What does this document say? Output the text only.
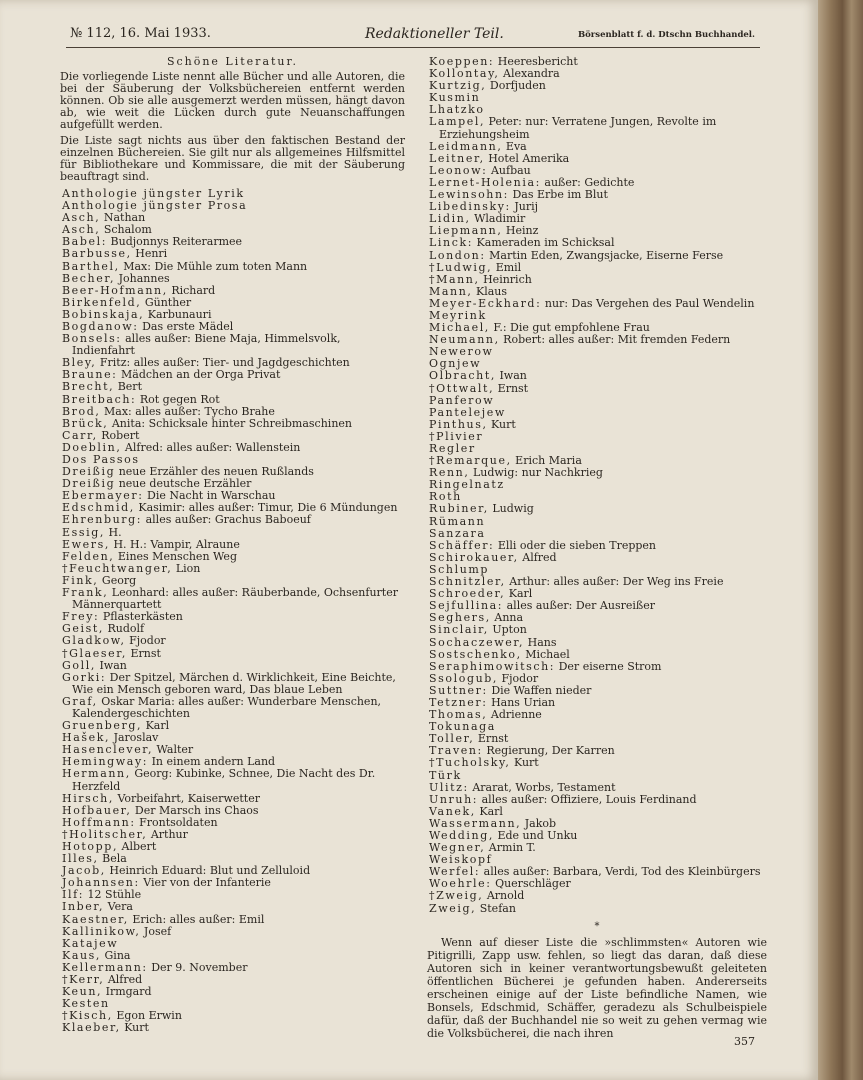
№ 112, 16. Mai 1933.	Redaktioneller Teil.	Börsenblatt f. d. Dtschn Buchhandel.
Schöne Literatur.

Die vorliegende Liste nennt alle Bücher und alle Autoren, die bei der Säuberung der Volksbüchereien entfernt werden können. Ob sie alle ausgemerzt werden müssen, hängt davon ab, wie weit die Lücken durch gute Neuanschaffungen aufgefüllt werden.

Die Liste sagt nichts aus über den faktischen Bestand der einzelnen Büchereien. Sie gilt nur als allgemeines Hilfsmittel für Bibliothekare und Kommissare, die mit der Säuberung beauftragt sind.

Anthologie jüngster Lyrik

Anthologie jüngster Prosa

Asch, Nathan

Asch, Schalom

Babel: Budjonnys Reiterarmee

Barbusse, Henri

Barthel, Max: Die Mühle zum toten Mann

Becher, Johannes

Beer-Hofmann, Richard

Birkenfeld, Günther

Bobinskaja, Karbunauri

Bogdanow: Das erste Mädel

Bonsels: alles außer: Biene Maja, Himmelsvolk, Indienfahrt

Bley, Fritz: alles außer: Tier- und Jagdgeschichten

Braune: Mädchen an der Orga Privat

Brecht, Bert

Breitbach: Rot gegen Rot

Brod, Max: alles außer: Tycho Brahe

Brück, Anita: Schicksale hinter Schreibmaschinen

Carr, Robert

Doeblin, Alfred: alles außer: Wallenstein

Dos Passos

Dreißig neue Erzähler des neuen Rußlands

Dreißig neue deutsche Erzähler

Ebermayer: Die Nacht in Warschau

Edschmid, Kasimir: alles außer: Timur, Die 6 Mündungen

Ehrenburg: alles außer: Grachus Baboeuf

Essig, H.

Ewers, H. H.: Vampir, Alraune

Felden, Eines Menschen Weg

†Feuchtwanger, Lion

Fink, Georg

Frank, Leonhard: alles außer: Räuberbande, Ochsenfurter Männerquartett

Frey: Pflasterkästen

Geist, Rudolf

Gladkow, Fjodor

†Glaeser, Ernst

Goll, Iwan

Gorki: Der Spitzel, Märchen d. Wirklichkeit, Eine Beichte, Wie ein Mensch geboren ward, Das blaue Leben

Graf, Oskar Maria: alles außer: Wunderbare Menschen, Kalendergeschichten

Gruenberg, Karl

Hašek, Jaroslav

Hasenclever, Walter

Hemingway: In einem andern Land

Hermann, Georg: Kubinke, Schnee, Die Nacht des Dr. Herzfeld

Hirsch, Vorbeifahrt, Kaiserwetter

Hofbauer, Der Marsch ins Chaos

Hoffmann: Frontsoldaten

†Holitscher, Arthur

Hotopp, Albert

Illes, Bela

Jacob, Heinrich Eduard: Blut und Zelluloid

Johannsen: Vier von der Infanterie

Ilf: 12 Stühle

Inber, Vera

Kaestner, Erich: alles außer: Emil

Kallinikow, Josef

Katajew

Kaus, Gina

Kellermann: Der 9. November

†Kerr, Alfred

Keun, Irmgard

Kesten

†Kisch, Egon Erwin

Klaeber, Kurt

Koeppen: Heeresbericht

Kollontay, Alexandra

Kurtzig, Dorfjuden

Kusmin

Lhatzko

Lampel, Peter: nur: Verratene Jungen, Revolte im Erziehungsheim

Leidmann, Eva

Leitner, Hotel Amerika

Leonow: Aufbau

Lernet-Holenia: außer: Gedichte

Lewinsohn: Das Erbe im Blut

Libedinsky: Jurij

Lidin, Wladimir

Liepmann, Heinz

Linck: Kameraden im Schicksal

London: Martin Eden, Zwangsjacke, Eiserne Ferse

†Ludwig, Emil

†Mann, Heinrich

Mann, Klaus

Meyer-Eckhard: nur: Das Vergehen des Paul Wendelin

Meyrink

Michael, F.: Die gut empfohlene Frau

Neumann, Robert: alles außer: Mit fremden Federn

Newerow

Ognjew

Olbracht, Iwan

†Ottwalt, Ernst

Panferow

Pantelejew

Pinthus, Kurt

†Plivier

Regler

†Remarque, Erich Maria

Renn, Ludwig: nur Nachkrieg

Ringelnatz

Roth

Rubiner, Ludwig

Rümann

Sanzara

Schäffer: Elli oder die sieben Treppen

Schirokauer, Alfred

Schlump

Schnitzler, Arthur: alles außer: Der Weg ins Freie

Schroeder, Karl

Sejfullina: alles außer: Der Ausreißer

Seghers, Anna

Sinclair, Upton

Sochaczewer, Hans

Sostschenko, Michael

Seraphimowitsch: Der eiserne Strom

Ssologub, Fjodor

Suttner: Die Waffen nieder

Tetzner: Hans Urian

Thomas, Adrienne

Tokunaga

Toller, Ernst

Traven: Regierung, Der Karren

†Tucholsky, Kurt

Türk

Ulitz: Ararat, Worbs, Testament

Unruh: alles außer: Offiziere, Louis Ferdinand

Vanek, Karl

Wassermann, Jakob

Wedding, Ede und Unku

Wegner, Armin T.

Weiskopf

Werfel: alles außer: Barbara, Verdi, Tod des Kleinbürgers

Woehrle: Querschläger

†Zweig, Arnold

Zweig, Stefan

*

Wenn auf dieser Liste die »schlimmsten« Autoren wie Pitigrilli, Zapp usw. fehlen, so liegt das daran, daß diese Autoren sich in keiner verantwortungsbewußt geleiteten öffentlichen Bücherei je gefunden haben. Andererseits erscheinen einige auf der Liste befindliche Namen, wie Bonsels, Edschmid, Schäffer, geradezu als Schulbeispiele dafür, daß der Buchhandel nie so weit zu gehen vermag wie die Volksbücherei, die nach ihren

357
